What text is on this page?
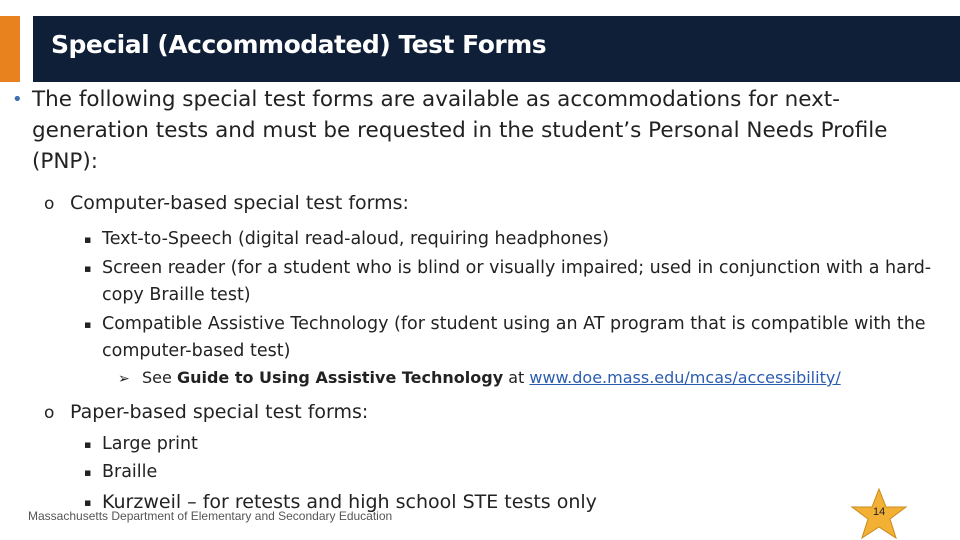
Special (Accommodated) Test Forms
• The following special test forms are available as accommodations for next-generation tests and must be requested in the student’s Personal Needs Profile (PNP):
o Computer-based special test forms:
▪ Text-to-Speech (digital read-aloud, requiring headphones)
▪ Screen reader (for a student who is blind or visually impaired; used in conjunction with a hard-copy Braille test)
▪ Compatible Assistive Technology (for student using an AT program that is compatible with the computer-based test)
➢ See Guide to Using Assistive Technology at www.doe.mass.edu/mcas/accessibility/
o Paper-based special test forms:
▪ Large print
▪ Braille
▪ Kurzweil – for retests and high school STE tests only
Massachusetts Department of Elementary and Secondary Education	14
